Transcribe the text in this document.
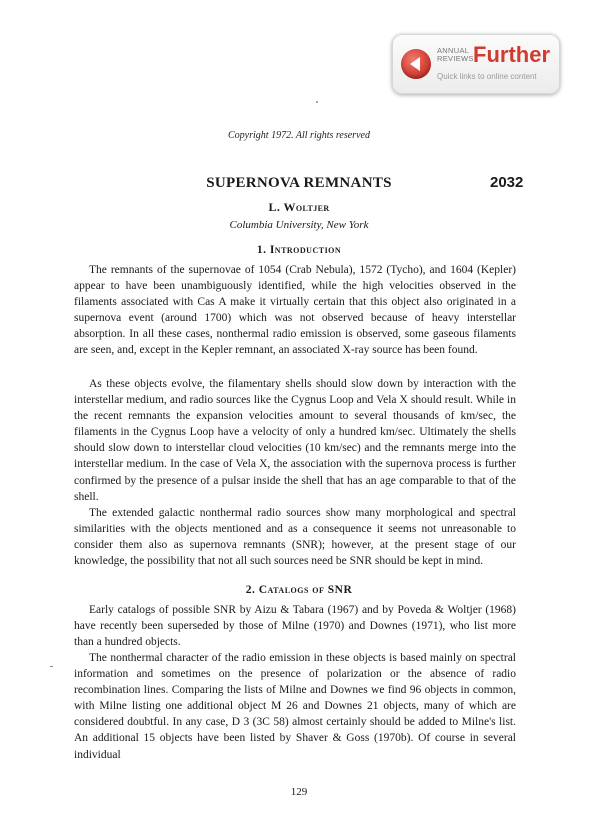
ANNUAL
REVIEWS Further
Quick links to online content
Copyright 1972. All rights reserved
SUPERNOVA REMNANTS	2032
L. Woltjer
Columbia University, New York
1. Introduction

The remnants of the supernovae of 1054 (Crab Nebula), 1572 (Tycho), and 1604 (Kepler) appear to have been unambiguously identified, while the high velocities observed in the filaments associated with Cas A make it virtually certain that this object also originated in a supernova event (around 1700) which was not observed because of heavy interstellar absorption. In all these cases, nonthermal radio emission is observed, some gaseous filaments are seen, and, except in the Kepler remnant, an associated X-ray source has been found.

As these objects evolve, the filamentary shells should slow down by interaction with the interstellar medium, and radio sources like the Cygnus Loop and Vela X should result. While in the recent remnants the expansion velocities amount to several thousands of km/sec, the filaments in the Cygnus Loop have a velocity of only a hundred km/sec. Ultimately the shells should slow down to interstellar cloud velocities (10 km/sec) and the remnants merge into the interstellar medium. In the case of Vela X, the association with the supernova process is further confirmed by the presence of a pulsar inside the shell that has an age comparable to that of the shell.

The extended galactic nonthermal radio sources show many morphological and spectral similarities with the objects mentioned and as a consequence it seems not unreasonable to consider them also as supernova remnants (SNR); however, at the present stage of our knowledge, the possibility that not all such sources need be SNR should be kept in mind.

2. Catalogs of SNR

Early catalogs of possible SNR by Aizu & Tabara (1967) and by Poveda & Woltjer (1968) have recently been superseded by those of Milne (1970) and Downes (1971), who list more than a hundred objects.

The nonthermal character of the radio emission in these objects is based mainly on spectral information and sometimes on the presence of polarization or the absence of radio recombination lines. Comparing the lists of Milne and Downes we find 96 objects in common, with Milne listing one additional object M 26 and Downes 21 objects, many of which are considered doubtful. In any case, D 3 (3C 58) almost certainly should be added to Milne's list. An additional 15 objects have been listed by Shaver & Goss (1970b). Of course in several individual

129
